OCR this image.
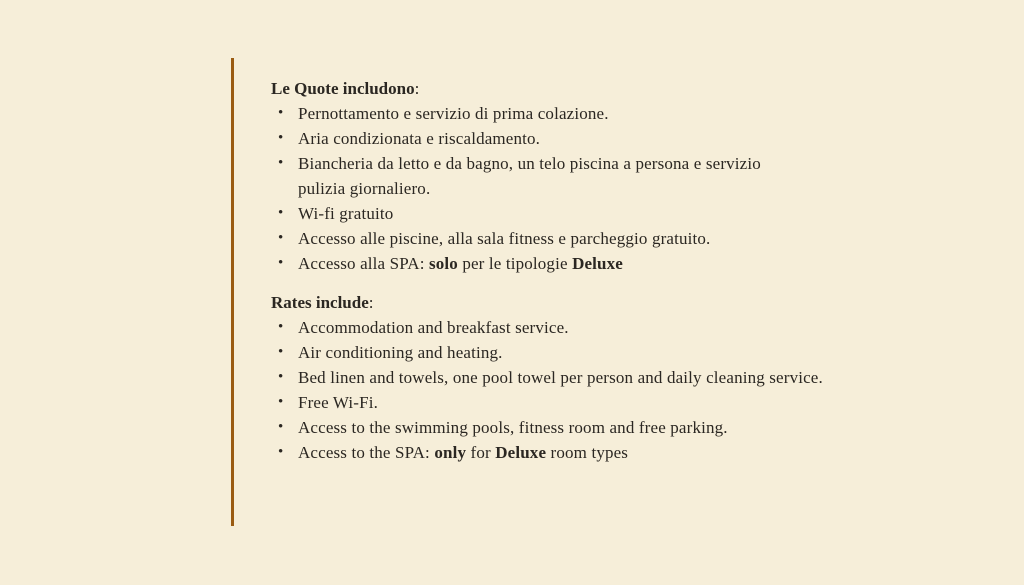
Le Quote includono:

• Pernottamento e servizio di prima colazione.
• Aria condizionata e riscaldamento.
• Biancheria da letto e da bagno, un telo piscina a persona e servizio pulizia giornaliero.
• Wi-fi gratuito
• Accesso alle piscine, alla sala fitness e parcheggio gratuito.
• Accesso alla SPA: solo per le tipologie Deluxe

Rates include:

• Accommodation and breakfast service.
• Air conditioning and heating.
• Bed linen and towels, one pool towel per person and daily cleaning service.
• Free Wi-Fi.
• Access to the swimming pools, fitness room and free parking.
• Access to the SPA: only for Deluxe room types
